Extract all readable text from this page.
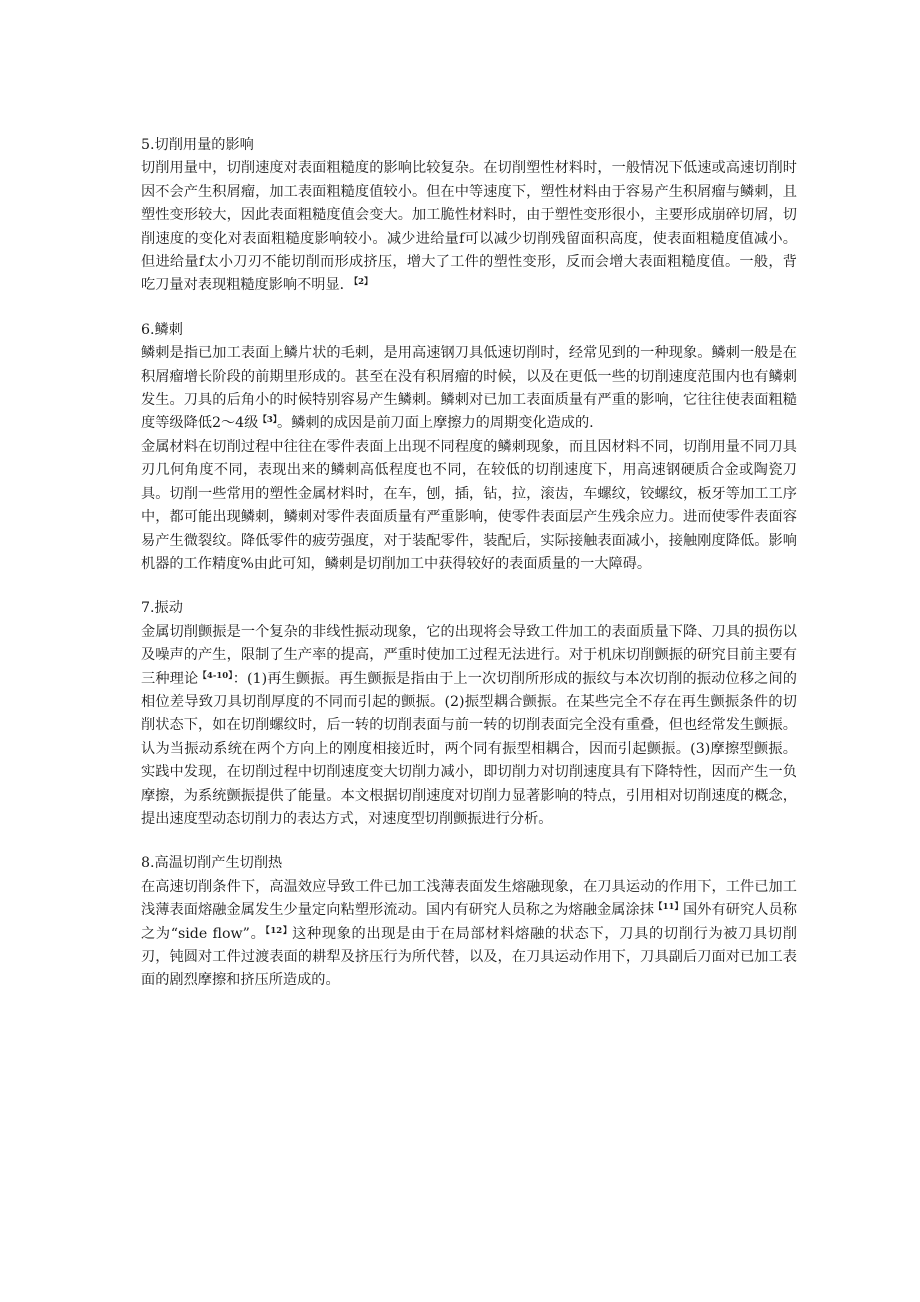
5.切削用量的影响

切削用量中，切削速度对表面粗糙度的影响比较复杂。在切削塑性材料时，一般情况下低速或高速切削时因不会产生积屑瘤，加工表面粗糙度值较小。但在中等速度下，塑性材料由于容易产生积屑瘤与鳞刺，且塑性变形较大，因此表面粗糙度值会变大。加工脆性材料时，由于塑性变形很小，主要形成崩碎切屑，切削速度的变化对表面粗糙度影响较小。减少进给量f可以减少切削残留面积高度，使表面粗糙度值减小。但进给量f太小刀刃不能切削而形成挤压，增大了工件的塑性变形，反而会增大表面粗糙度值。一般，背吃刀量对表现粗糙度影响不明显．$^{【2】}$

6.鳞刺

鳞刺是指已加工表面上鳞片状的毛刺，是用高速钢刀具低速切削时，经常见到的一种现象。鳞刺一般是在积屑瘤增长阶段的前期里形成的。甚至在没有积屑瘤的时候，以及在更低一些的切削速度范围内也有鳞刺发生。刀具的后角小的时候特别容易产生鳞刺。鳞刺对已加工表面质量有严重的影响，它往往使表面粗糙度等级降低2～4级$^{【3】}$。鳞刺的成因是前刀面上摩擦力的周期变化造成的.

金属材料在切削过程中往往在零件表面上出现不同程度的鳞刺现象，而且因材料不同，切削用量不同刀具刃几何角度不同，表现出来的鳞刺高低程度也不同，在较低的切削速度下，用高速钢硬质合金或陶瓷刀具。切削一些常用的塑性金属材料时，在车，刨，插，钻，拉，滚齿，车螺纹，铰螺纹，板牙等加工工序中，都可能出现鳞刺，鳞刺对零件表面质量有严重影响，使零件表面层产生残余应力。进而使零件表面容易产生微裂纹。降低零件的疲劳强度，对于装配零件，装配后，实际接触表面减小，接触刚度降低。影响机器的工作精度%由此可知，鳞刺是切削加工中获得较好的表面质量的一大障碍。

7.振动

金属切削颤振是一个复杂的非线性振动现象，它的出现将会导致工件加工的表面质量下降、刀具的损伤以及噪声的产生，限制了生产率的提高，严重时使加工过程无法进行。对于机床切削颤振的研究目前主要有三种理论$^{【4-10】}$：(1)再生颤振。再生颤振是指由于上一次切削所形成的振纹与本次切削的振动位移之间的相位差导致刀具切削厚度的不同而引起的颤振。(2)振型耦合颤振。在某些完全不存在再生颤振条件的切削状态下，如在切削螺纹时，后一转的切削表面与前一转的切削表面完全没有重叠，但也经常发生颤振。认为当振动系统在两个方向上的刚度相接近时，两个同有振型相耦合，因而引起颤振。(3)摩擦型颤振。实践中发现，在切削过程中切削速度变大切削力减小，即切削力对切削速度具有下降特性，因而产生一负摩擦，为系统颤振提供了能量。本文根据切削速度对切削力显著影响的特点，引用相对切削速度的概念，提出速度型动态切削力的表达方式，对速度型切削颤振进行分析。

8.高温切削产生切削热

在高速切削条件下，高温效应导致工件已加工浅薄表面发生熔融现象，在刀具运动的作用下，工件已加工浅薄表面熔融金属发生少量定向粘塑形流动。国内有研究人员称之为熔融金属涂抹$^{【11】}$国外有研究人员称之为“side flow”。$^{【12】}$这种现象的出现是由于在局部材料熔融的状态下，刀具的切削行为被刀具切削刃，钝圆对工件过渡表面的耕犁及挤压行为所代替，以及，在刀具运动作用下，刀具副后刀面对已加工表面的剧烈摩擦和挤压所造成的。
